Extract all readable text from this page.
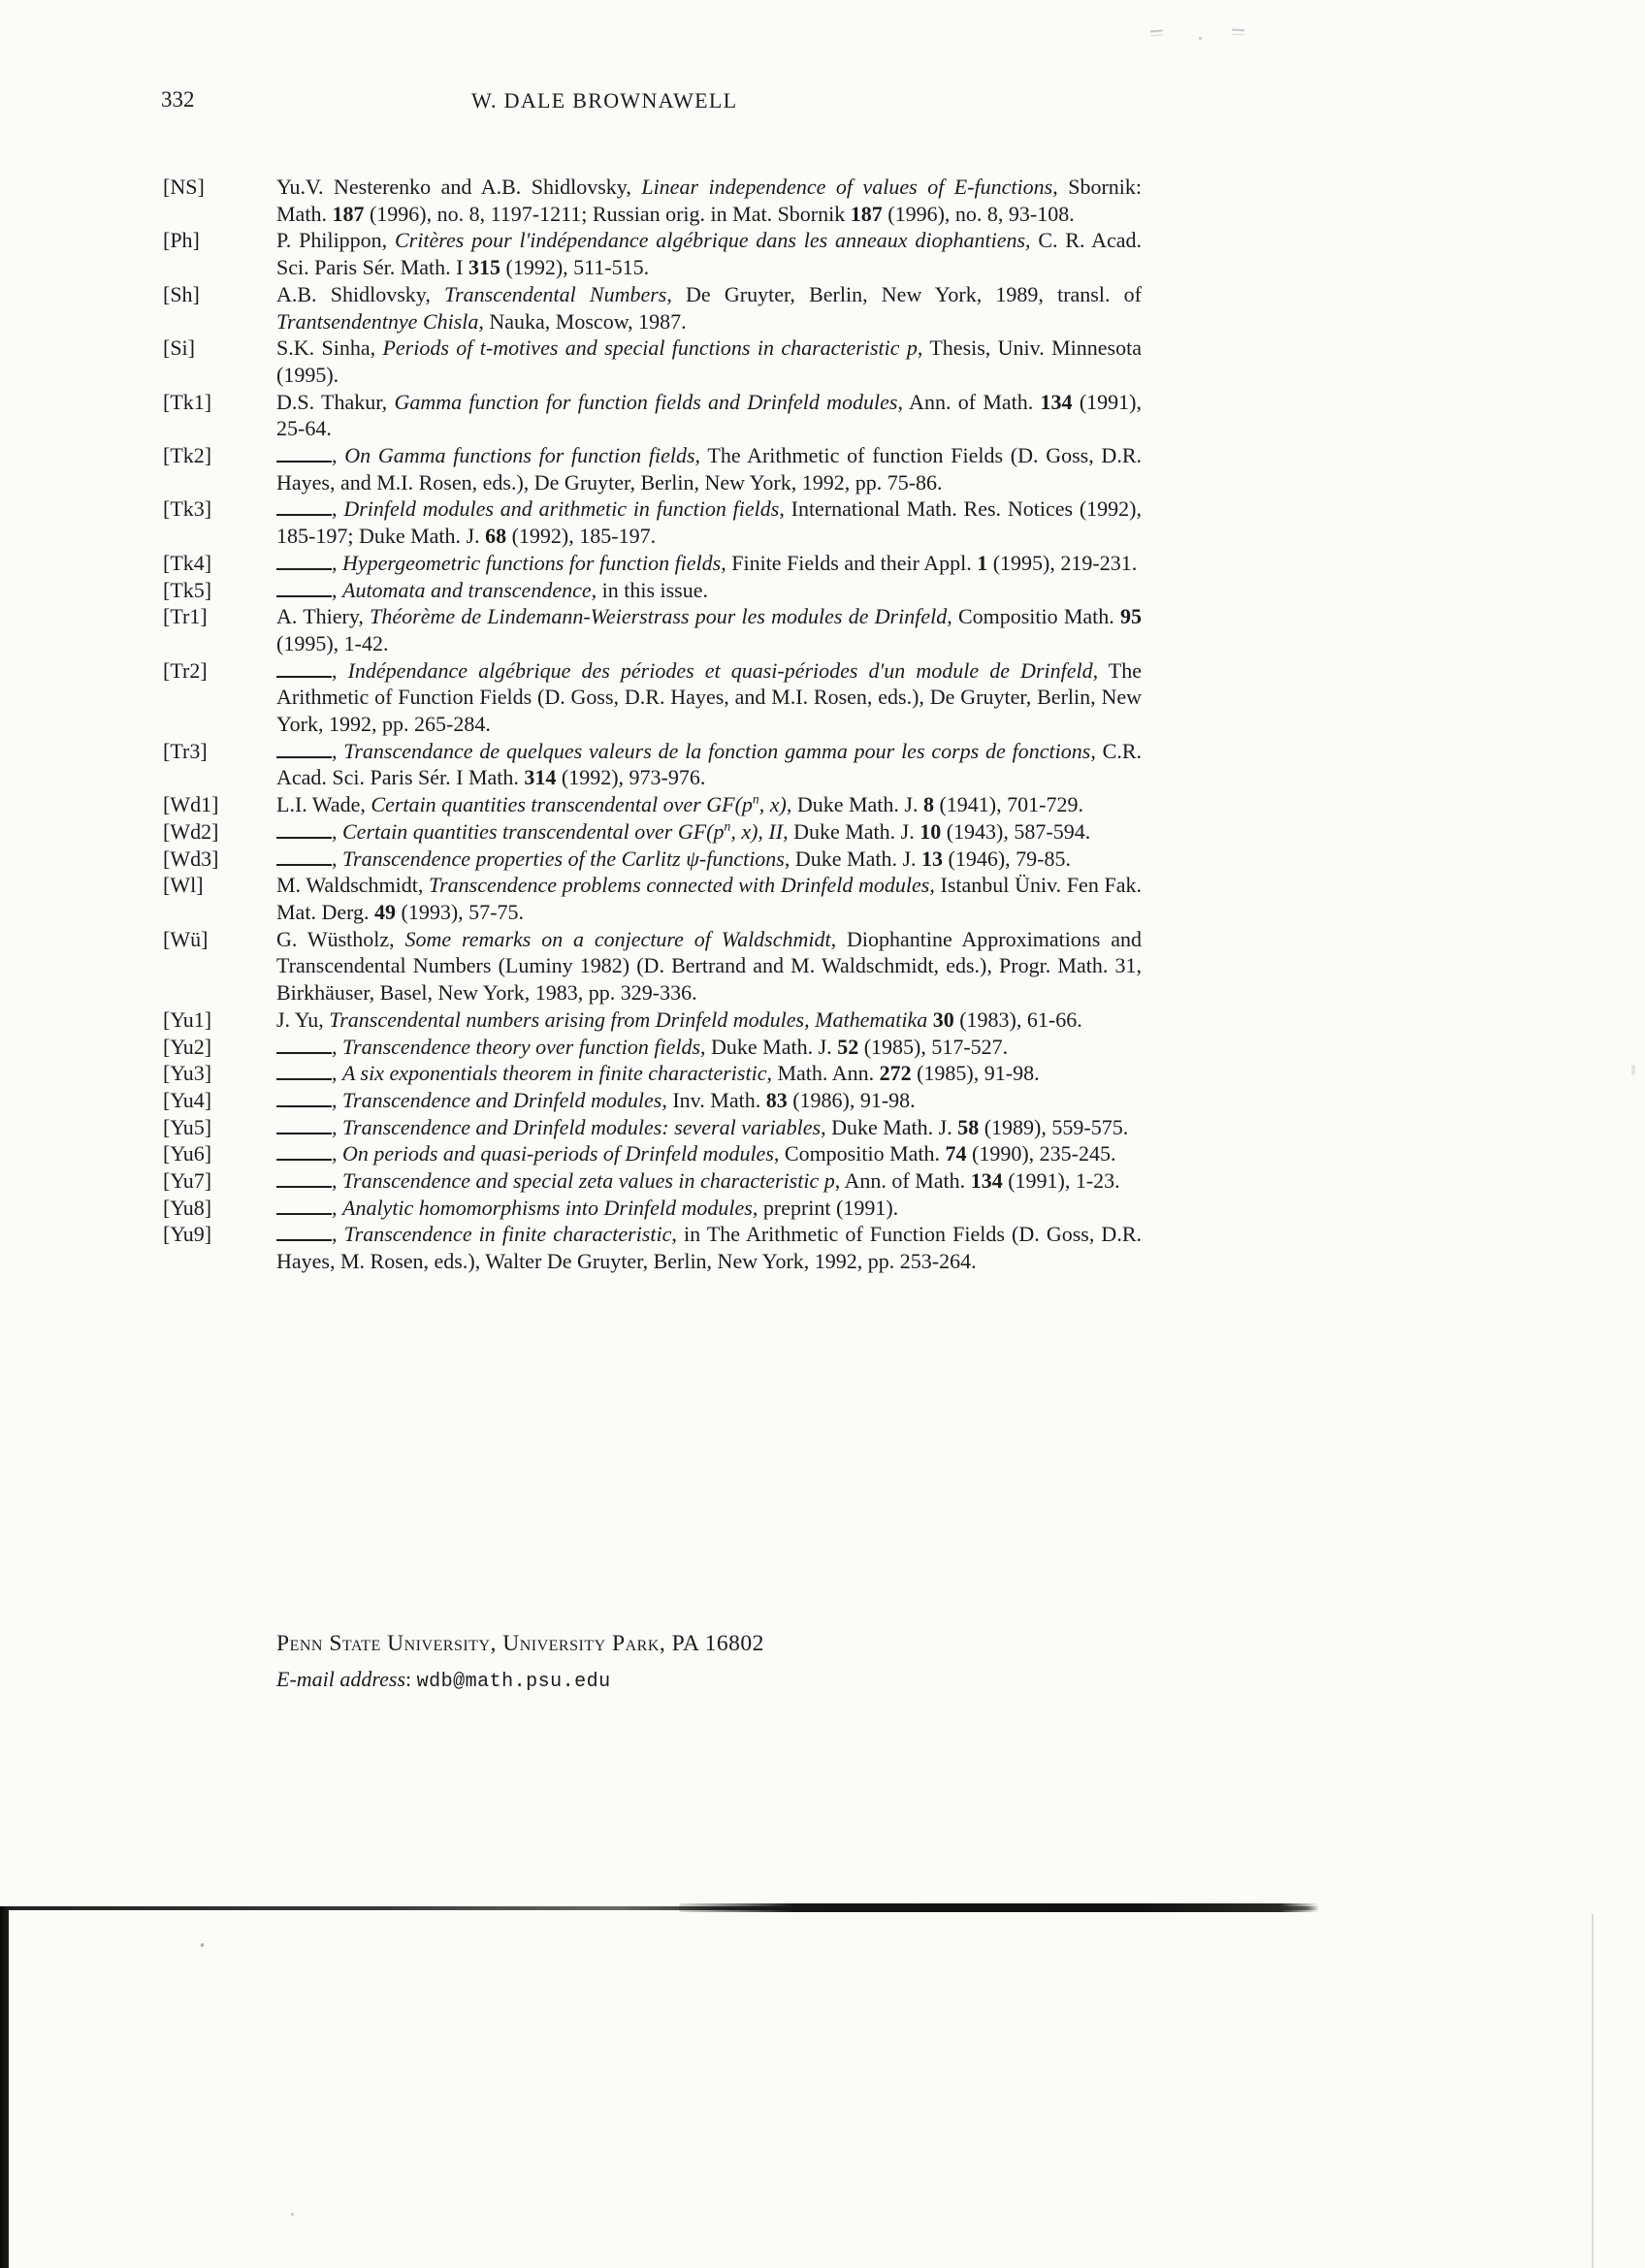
332	W. DALE BROWNAWELL
[NS]	Yu.V. Nesterenko and A.B. Shidlovsky, Linear independence of values of E-functions, Sbornik: Math. 187 (1996), no. 8, 1197-1211; Russian orig. in Mat. Sbornik 187 (1996), no. 8, 93-108.
[Ph]	P. Philippon, Critères pour l'indépendance algébrique dans les anneaux diophantiens, C. R. Acad. Sci. Paris Sér. Math. I 315 (1992), 511-515.
[Sh]	A.B. Shidlovsky, Transcendental Numbers, De Gruyter, Berlin, New York, 1989, transl. of Trantsendentnye Chisla, Nauka, Moscow, 1987.
[Si]	S.K. Sinha, Periods of t-motives and special functions in characteristic p, Thesis, Univ. Minnesota (1995).
[Tk1]	D.S. Thakur, Gamma function for function fields and Drinfeld modules, Ann. of Math. 134 (1991), 25-64.
[Tk2]	, On Gamma functions for function fields, The Arithmetic of function Fields (D. Goss, D.R. Hayes, and M.I. Rosen, eds.), De Gruyter, Berlin, New York, 1992, pp. 75-86.
[Tk3]	, Drinfeld modules and arithmetic in function fields, International Math. Res. Notices (1992), 185-197; Duke Math. J. 68 (1992), 185-197.
[Tk4]	, Hypergeometric functions for function fields, Finite Fields and their Appl. 1 (1995), 219-231.
[Tk5]	, Automata and transcendence, in this issue.
[Tr1]	A. Thiery, Théorème de Lindemann-Weierstrass pour les modules de Drinfeld, Compositio Math. 95 (1995), 1-42.
[Tr2]	, Indépendance algébrique des périodes et quasi-périodes d'un module de Drinfeld, The Arithmetic of Function Fields (D. Goss, D.R. Hayes, and M.I. Rosen, eds.), De Gruyter, Berlin, New York, 1992, pp. 265-284.
[Tr3]	, Transcendance de quelques valeurs de la fonction gamma pour les corps de fonctions, C.R. Acad. Sci. Paris Sér. I Math. 314 (1992), 973-976.
[Wd1]	L.I. Wade, Certain quantities transcendental over $GF(p^n$, x), Duke Math. J. 8 (1941), 701-729.
[Wd2]	, Certain quantities transcendental over $GF(p^n$, x), II, Duke Math. J. 10 (1943), 587-594.
[Wd3]	, Transcendence properties of the Carlitz ψ-functions, Duke Math. J. 13 (1946), 79-85.
[Wl]	M. Waldschmidt, Transcendence problems connected with Drinfeld modules, Istanbul Üniv. Fen Fak. Mat. Derg. 49 (1993), 57-75.
[Wü]	G. Wüstholz, Some remarks on a conjecture of Waldschmidt, Diophantine Approximations and Transcendental Numbers (Luminy 1982) (D. Bertrand and M. Waldschmidt, eds.), Progr. Math. 31, Birkhäuser, Basel, New York, 1983, pp. 329-336.
[Yu1]	J. Yu, Transcendental numbers arising from Drinfeld modules, Mathematika 30 (1983), 61-66.
[Yu2]	, Transcendence theory over function fields, Duke Math. J. 52 (1985), 517-527.
[Yu3]	, A six exponentials theorem in finite characteristic, Math. Ann. 272 (1985), 91-98.
[Yu4]	, Transcendence and Drinfeld modules, Inv. Math. 83 (1986), 91-98.
[Yu5]	, Transcendence and Drinfeld modules: several variables, Duke Math. J. 58 (1989), 559-575.
[Yu6]	, On periods and quasi-periods of Drinfeld modules, Compositio Math. 74 (1990), 235-245.
[Yu7]	, Transcendence and special zeta values in characteristic p, Ann. of Math. 134 (1991), 1-23.
[Yu8]	, Analytic homomorphisms into Drinfeld modules, preprint (1991).
[Yu9]	, Transcendence in finite characteristic, in The Arithmetic of Function Fields (D. Goss, D.R. Hayes, M. Rosen, eds.), Walter De Gruyter, Berlin, New York, 1992, pp. 253-264.
Penn State University, University Park, PA 16802
E-mail address: wdb@math.psu.edu
